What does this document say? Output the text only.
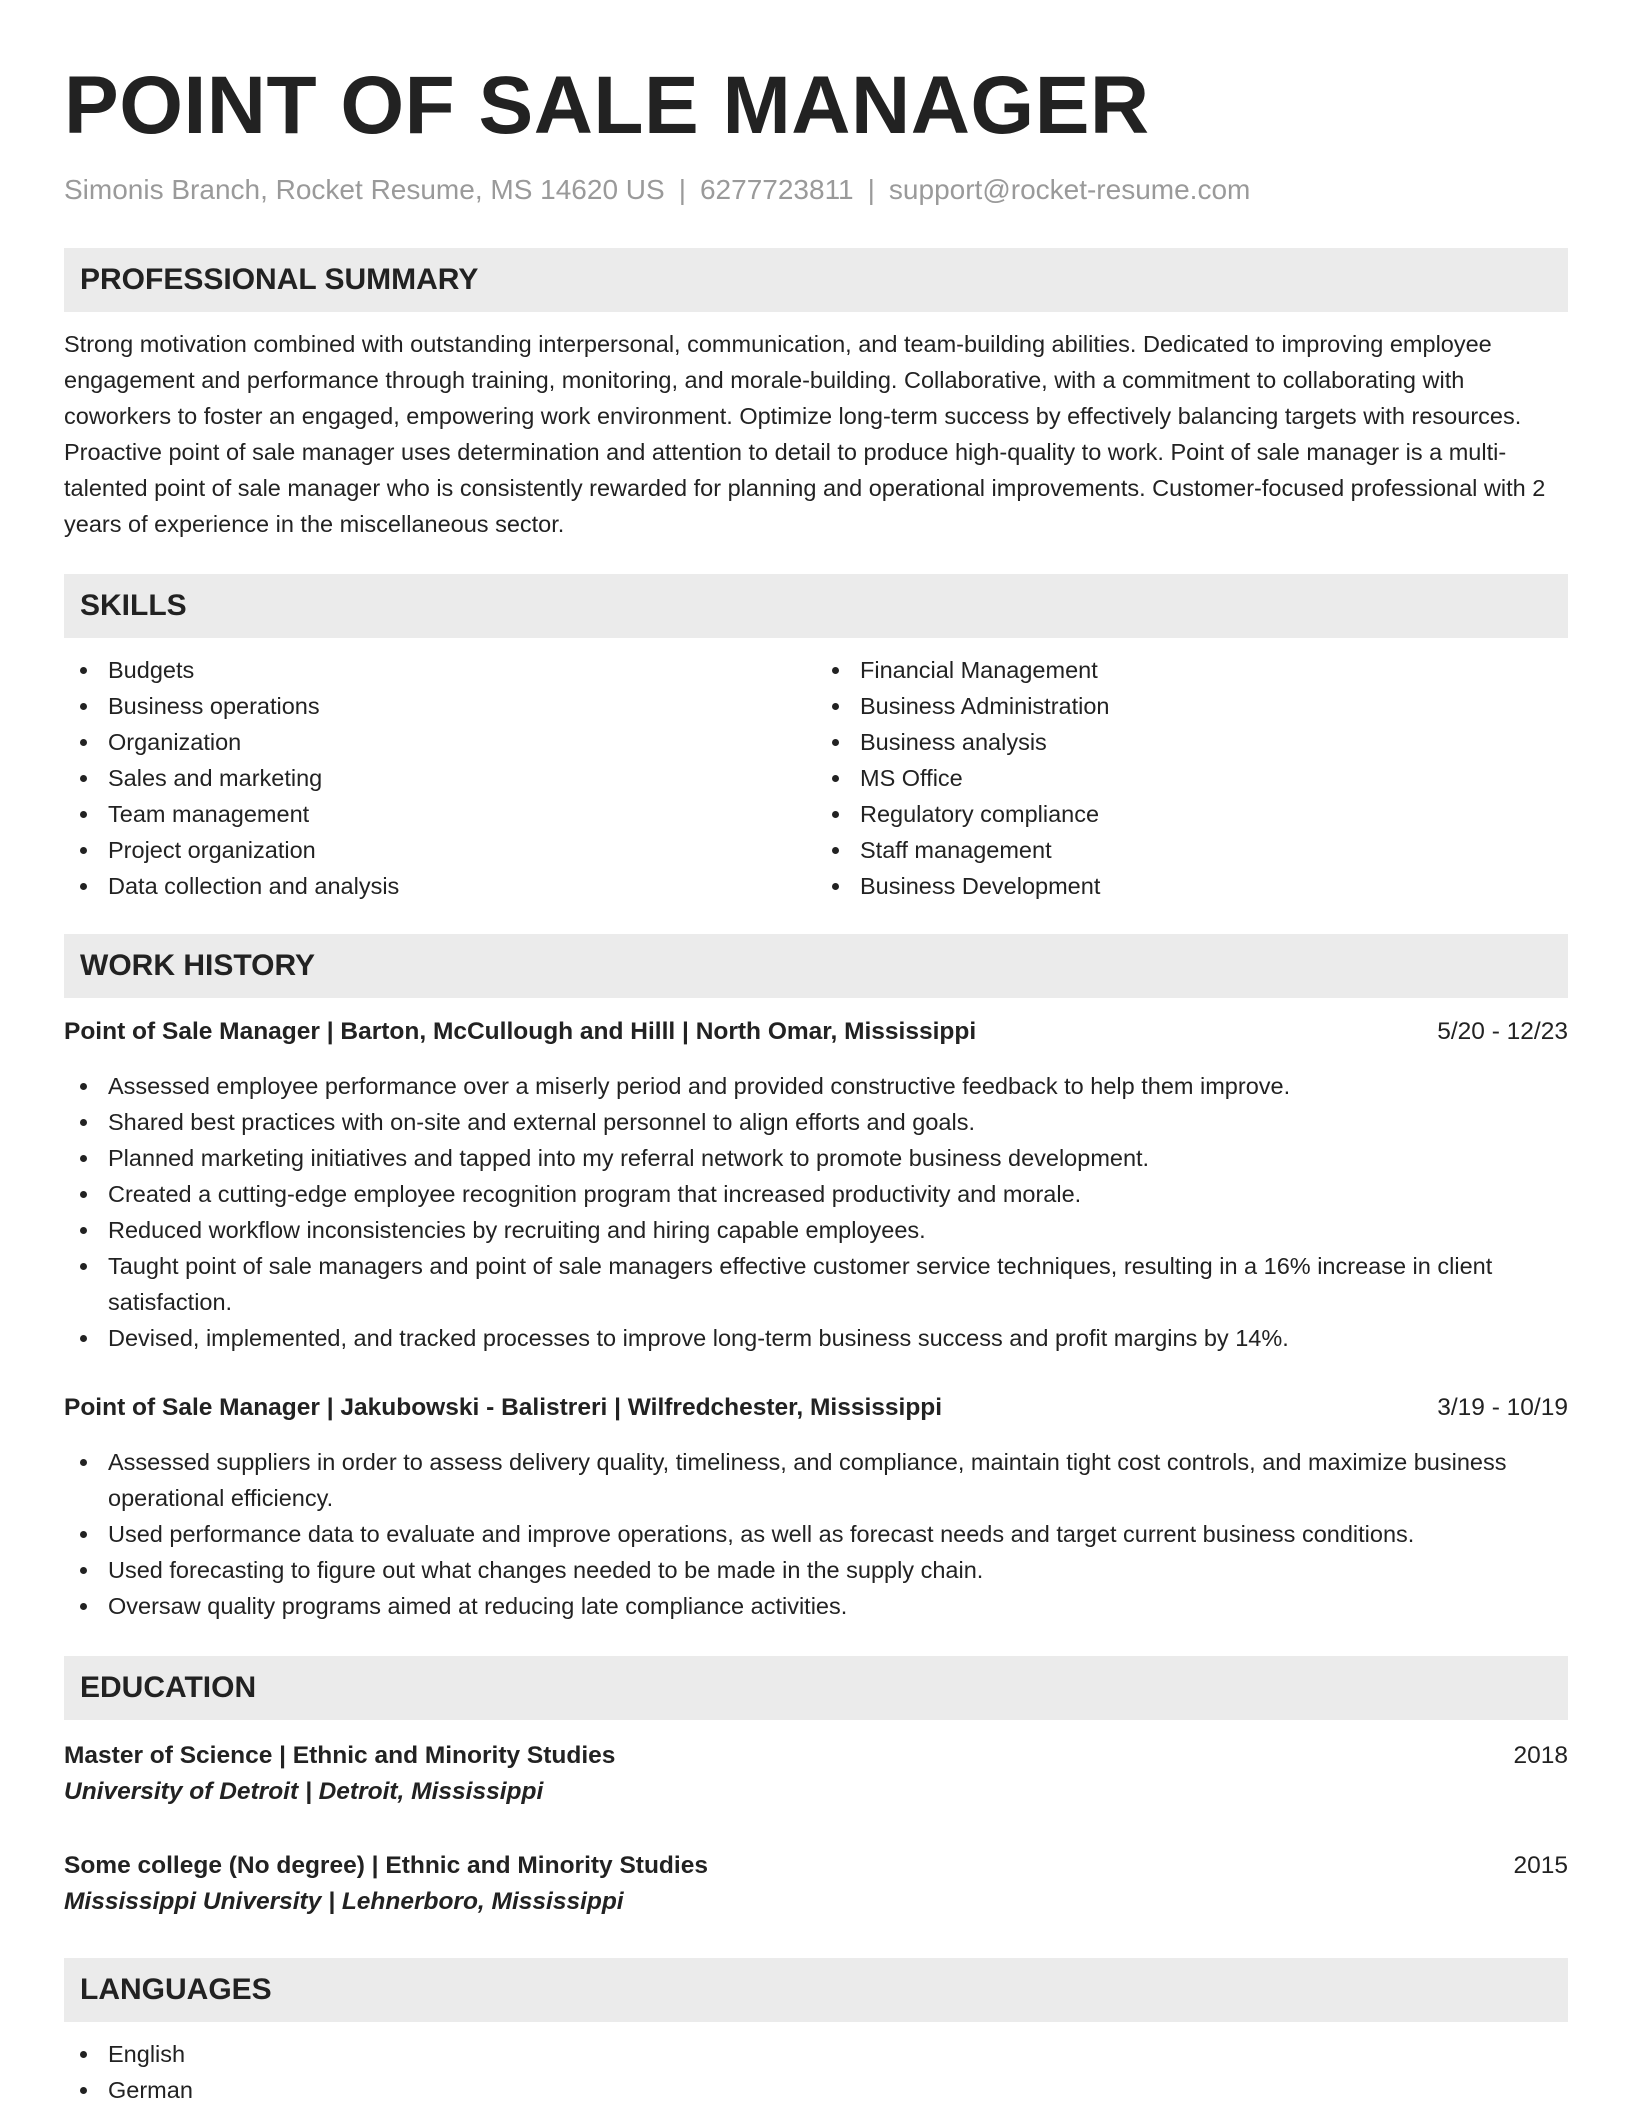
POINT OF SALE MANAGER
Simonis Branch, Rocket Resume, MS 14620 US | 6277723811 | support@rocket-resume.com
PROFESSIONAL SUMMARY

Strong motivation combined with outstanding interpersonal, communication, and team-building abilities. Dedicated to improving employee engagement and performance through training, monitoring, and morale-building. Collaborative, with a commitment to collaborating with coworkers to foster an engaged, empowering work environment. Optimize long-term success by effectively balancing targets with resources. Proactive point of sale manager uses determination and attention to detail to produce high-quality to work. Point of sale manager is a multi-talented point of sale manager who is consistently rewarded for planning and operational improvements. Customer-focused professional with 2 years of experience in the miscellaneous sector.

SKILLS
Budgets
Business operations
Organization
Sales and marketing
Team management
Project organization
Data collection and analysis
Financial Management
Business Administration
Business analysis
MS Office
Regulatory compliance
Staff management
Business Development
WORK HISTORY
Point of Sale Manager | Barton, McCullough and Hilll | North Omar, Mississippi	5/20 - 12/23
Assessed employee performance over a miserly period and provided constructive feedback to help them improve.
Shared best practices with on-site and external personnel to align efforts and goals.
Planned marketing initiatives and tapped into my referral network to promote business development.
Created a cutting-edge employee recognition program that increased productivity and morale.
Reduced workflow inconsistencies by recruiting and hiring capable employees.
Taught point of sale managers and point of sale managers effective customer service techniques, resulting in a 16% increase in client satisfaction.
Devised, implemented, and tracked processes to improve long-term business success and profit margins by 14%.
Point of Sale Manager | Jakubowski - Balistreri | Wilfredchester, Mississippi	3/19 - 10/19
Assessed suppliers in order to assess delivery quality, timeliness, and compliance, maintain tight cost controls, and maximize business operational efficiency.
Used performance data to evaluate and improve operations, as well as forecast needs and target current business conditions.
Used forecasting to figure out what changes needed to be made in the supply chain.
Oversaw quality programs aimed at reducing late compliance activities.
EDUCATION
Master of Science | Ethnic and Minority Studies	2018
University of Detroit | Detroit, Mississippi
Some college (No degree) | Ethnic and Minority Studies	2015
Mississippi University | Lehnerboro, Mississippi
LANGUAGES
English
German
